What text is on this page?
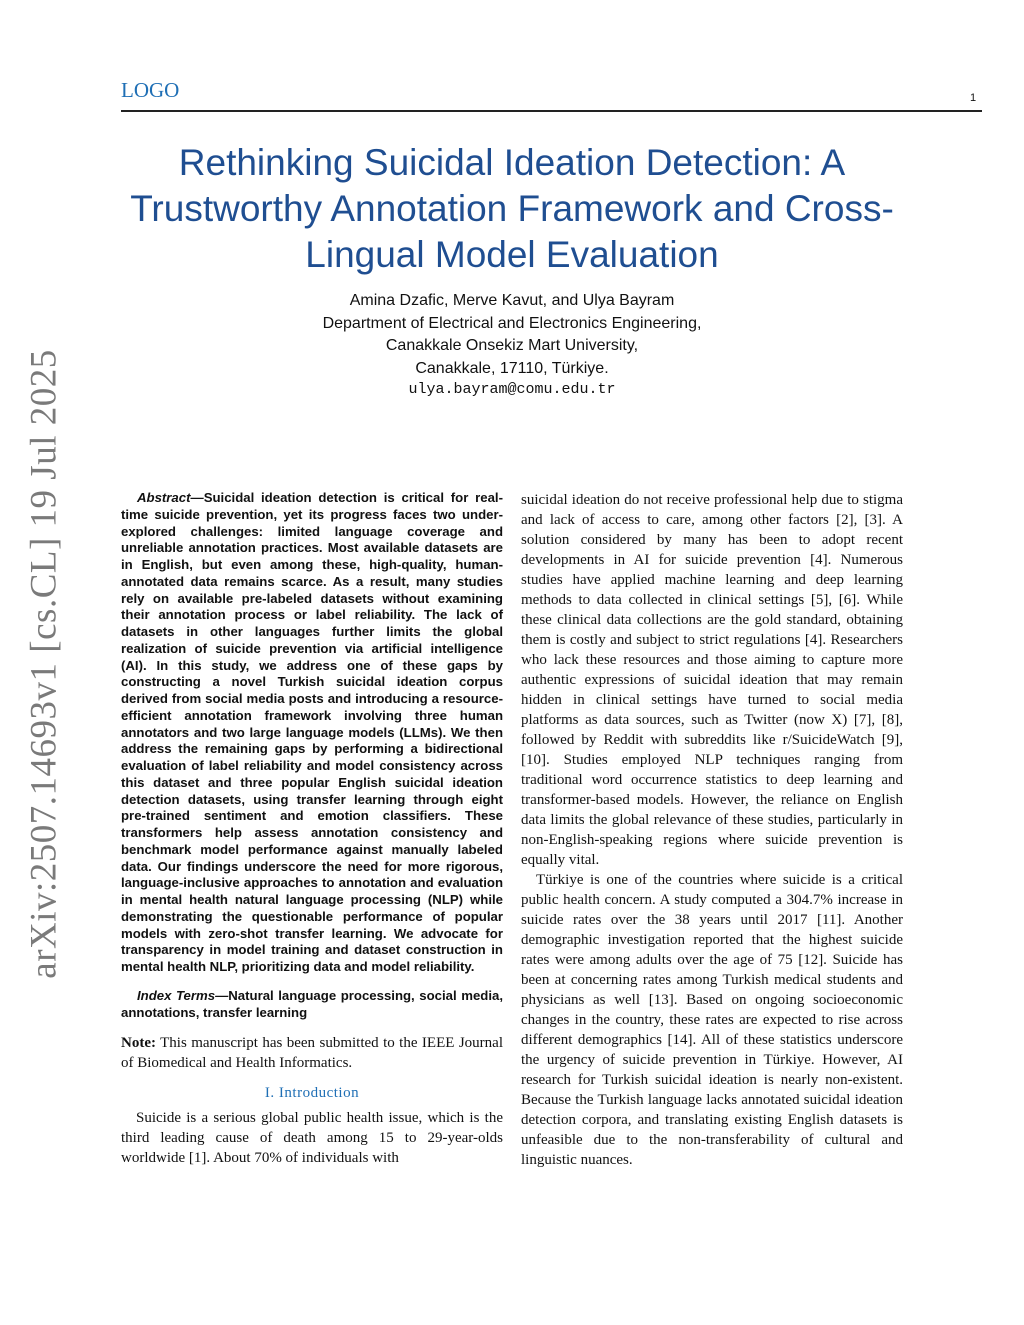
LOGO	1
arXiv:2507.14693v1 [cs.CL] 19 Jul 2025
Rethinking Suicidal Ideation Detection: A Trustworthy Annotation Framework and Cross-Lingual Model Evaluation
Amina Dzafic, Merve Kavut, and Ulya Bayram
Department of Electrical and Electronics Engineering,
Canakkale Onsekiz Mart University,
Canakkale, 17110, Türkiye.
ulya.bayram@comu.edu.tr

Abstract—Suicidal ideation detection is critical for real-time suicide prevention, yet its progress faces two under-explored challenges: limited language coverage and unreliable annotation practices. Most available datasets are in English, but even among these, high-quality, human-annotated data remains scarce. As a result, many studies rely on available pre-labeled datasets without examining their annotation process or label reliability. The lack of datasets in other languages further limits the global realization of suicide prevention via artificial intelligence (AI). In this study, we address one of these gaps by constructing a novel Turkish suicidal ideation corpus derived from social media posts and introducing a resource-efficient annotation framework involving three human annotators and two large language models (LLMs). We then address the remaining gaps by performing a bidirectional evaluation of label reliability and model consistency across this dataset and three popular English suicidal ideation detection datasets, using transfer learning through eight pre-trained sentiment and emotion classifiers. These transformers help assess annotation consistency and benchmark model performance against manually labeled data. Our findings underscore the need for more rigorous, language-inclusive approaches to annotation and evaluation in mental health natural language processing (NLP) while demonstrating the questionable performance of popular models with zero-shot transfer learning. We advocate for transparency in model training and dataset construction in mental health NLP, prioritizing data and model reliability.

Index Terms—Natural language processing, social media, annotations, transfer learning

Note: This manuscript has been submitted to the IEEE Journal of Biomedical and Health Informatics.

I. Introduction

Suicide is a serious global public health issue, which is the third leading cause of death among 15 to 29-year-olds worldwide [1]. About 70% of individuals with

suicidal ideation do not receive professional help due to stigma and lack of access to care, among other factors [2], [3]. A solution considered by many has been to adopt recent developments in AI for suicide prevention [4]. Numerous studies have applied machine learning and deep learning methods to data collected in clinical settings [5], [6]. While these clinical data collections are the gold standard, obtaining them is costly and subject to strict regulations [4]. Researchers who lack these resources and those aiming to capture more authentic expressions of suicidal ideation that may remain hidden in clinical settings have turned to social media platforms as data sources, such as Twitter (now X) [7], [8], followed by Reddit with subreddits like r/SuicideWatch [9], [10]. Studies employed NLP techniques ranging from traditional word occurrence statistics to deep learning and transformer-based models. However, the reliance on English data limits the global relevance of these studies, particularly in non-English-speaking regions where suicide prevention is equally vital.

Türkiye is one of the countries where suicide is a critical public health concern. A study computed a 304.7% increase in suicide rates over the 38 years until 2017 [11]. Another demographic investigation reported that the highest suicide rates were among adults over the age of 75 [12]. Suicide has been at concerning rates among Turkish medical students and physicians as well [13]. Based on ongoing socioeconomic changes in the country, these rates are expected to rise across different demographics [14]. All of these statistics underscore the urgency of suicide prevention in Türkiye. However, AI research for Turkish suicidal ideation is nearly non-existent. Because the Turkish language lacks annotated suicidal ideation detection corpora, and translating existing English datasets is unfeasible due to the non-transferability of cultural and linguistic nuances.
